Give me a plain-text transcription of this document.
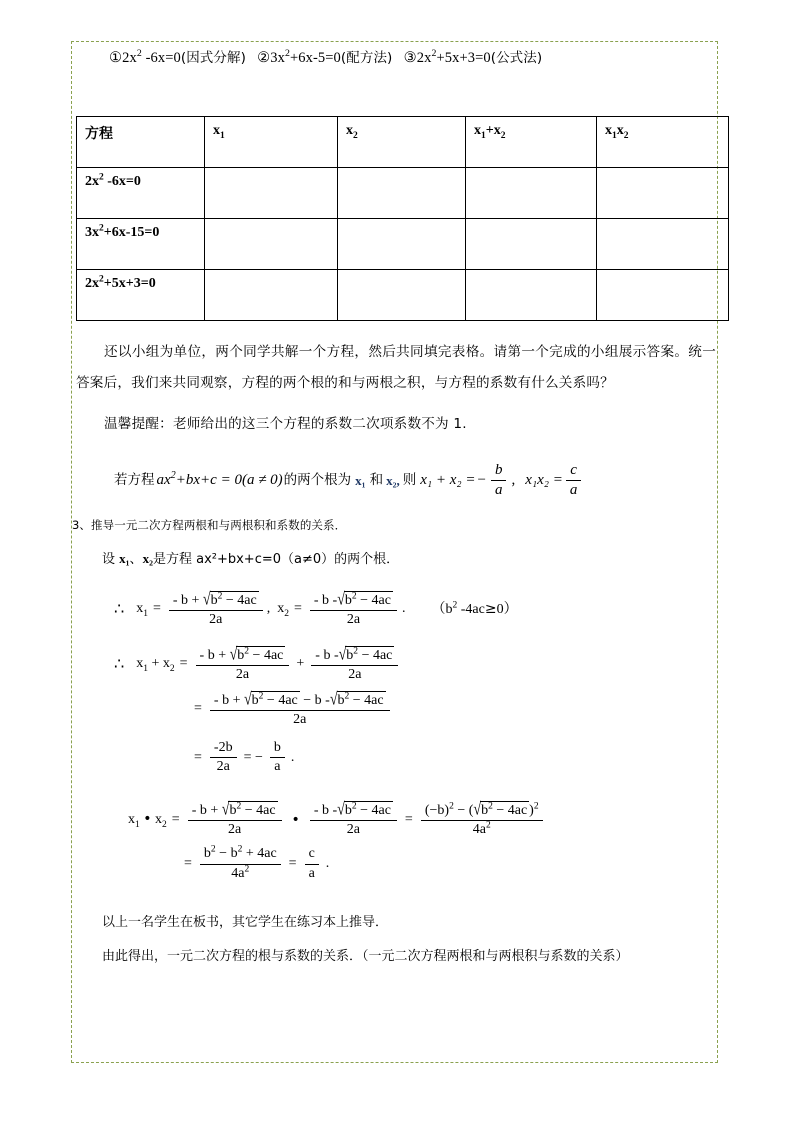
$①2x^2$ -6x=0(因式分解) $②3x^2+6x-5=0$(配方法) $③2x^2+5x+3=0$(公式法)
方程	$x_1$	$x_2$	$x_1+x_2$	$x_1x_2$
$2x^2$ -6x=0				
$3x^2+6x-15=0$				
$2x^2+5x+3=0$				
还以小组为单位，两个同学共解一个方程，然后共同填完表格。请第一个完成的小组展示答案。统一答案后，我们来共同观察，方程的两个根的和与两根之积，与方程的系数有什么关系吗？
温馨提醒：老师给出的这三个方程的系数二次项系数不为 1.
若方程 $ax^2+bx+c = 0(a \ne 0)$ 的两个根为 x₁ 和 x₂, 则 x₁ + x₂ = − $\frac{b}{a}$ , $x_1x_2 = \frac{c}{a}$
3、推导一元二次方程两根和与两根积和系数的关系．
设 x₁、x₂是方程 ax²+bx+c=0（a≠0）的两个根．
∴ $x_1 = \frac{- b + √b^2 - 4ac}{2a}$ , $x_2 = \frac{- b -√b^2 - 4ac}{2a}$ . （$b^2$ -4ac≥0）
∴ $x_1 + x_2 = \frac{- b + √b^2 - 4ac}{2a} + \frac{- b -√b^2 - 4ac}{2a}$
= $\frac{- b + √b^2 - 4ac - b -√b^2 - 4ac}{2a}$
= $\frac{-2b}{2a}$ = − $\frac{b}{a}$ .
$x_1$ • $x_2 = \frac{- b + √b^2 - 4ac}{2a}$ • $\frac{- b -√b^2 - 4ac}{2a} = \frac{(-b)^2 - (√b^2 - 4ac )^2}{4a^2}$
= $\frac{b^2 - b^2 + 4ac}{4a^2} = \frac{c}{a}$ .
以上一名学生在板书，其它学生在练习本上推导．
由此得出，一元二次方程的根与系数的关系．（一元二次方程两根和与两根积与系数的关系）
